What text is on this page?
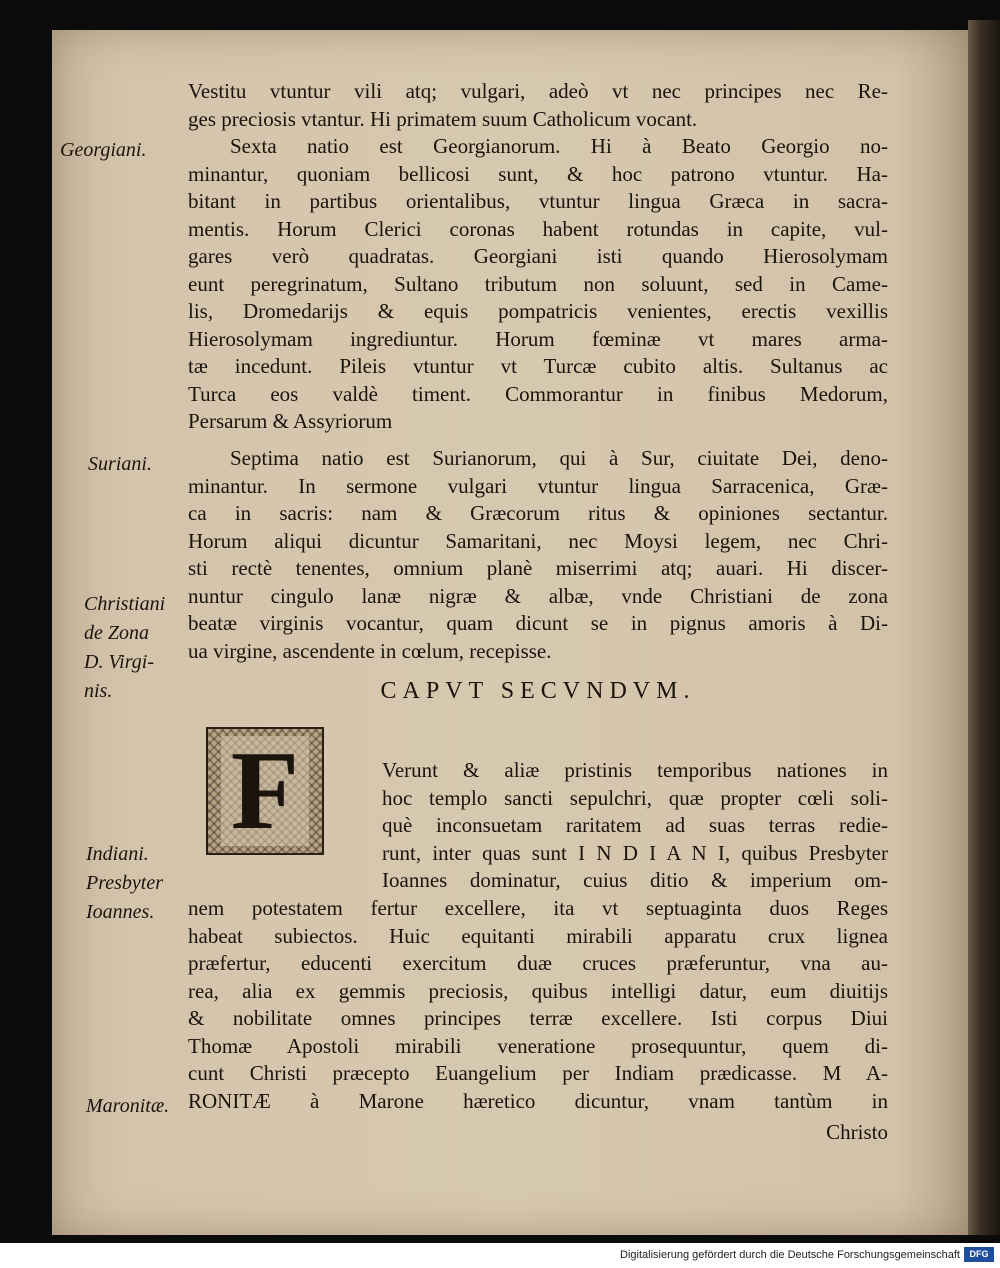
Vestitu vtuntur vili atq; vulgari, adeò vt nec principes nec Re-
ges preciosis vtantur. Hi primatem suum Catholicum vocant.
Sexta natio est Georgianorum. Hi à Beato Georgio no-
minantur, quoniam bellicosi sunt, & hoc patrono vtuntur. Ha-
bitant in partibus orientalibus, vtuntur lingua Græca in sacra-
mentis. Horum Clerici coronas habent rotundas in capite, vul-
gares verò quadratas. Georgiani isti quando Hierosolymam
eunt peregrinatum, Sultano tributum non soluunt, sed in Came-
lis, Dromedarijs & equis pompatricis venientes, erectis vexillis
Hierosolymam ingrediuntur. Horum fœminæ vt mares arma-
tæ incedunt. Pileis vtuntur vt Turcæ cubito altis. Sultanus ac
Turca eos valdè timent. Commorantur in finibus Medorum,
Persarum & Assyriorum
Septima natio est Surianorum, qui à Sur, ciuitate Dei, deno-
minantur. In sermone vulgari vtuntur lingua Sarracenica, Græ-
ca in sacris: nam & Græcorum ritus & opiniones sectantur.
Horum aliqui dicuntur Samaritani, nec Moysi legem, nec Chri-
sti rectè tenentes, omnium planè miserrimi atq; auari. Hi discer-
nuntur cingulo lanæ nigræ & albæ, vnde Christiani de zona
beatæ virginis vocantur, quam dicunt se in pignus amoris à Di-
ua virgine, ascendente in cœlum, recepisse.
CAPVT SECVNDVM.
F	Verunt & aliæ pristinis temporibus nationes in
hoc templo sancti sepulchri, quæ propter cœli soli-
què inconsuetam raritatem ad suas terras redie-
runt, inter quas sunt I N D I A N I, quibus Presbyter
Ioannes dominatur, cuius ditio & imperium om-
nem potestatem fertur excellere, ita vt septuaginta duos Reges
habeat subiectos. Huic equitanti mirabili apparatu crux lignea
præfertur, educenti exercitum duæ cruces præferuntur, vna au-
rea, alia ex gemmis preciosis, quibus intelligi datur, eum diuitijs
& nobilitate omnes principes terræ excellere. Isti corpus Diui
Thomæ Apostoli mirabili veneratione prosequuntur, quem di-
cunt Christi præcepto Euangelium per Indiam prædicasse. M A-
RONITÆ à Marone hæretico dicuntur, vnam tantùm in
Christo
Georgiani.
Suriani.
Christiani
de Zona
D. Virgi-
nis.
Indiani.
Presbyter
Ioannes.
Maronitæ.
Digitalisierung gefördert durch die Deutsche Forschungsgemeinschaft	DFG
